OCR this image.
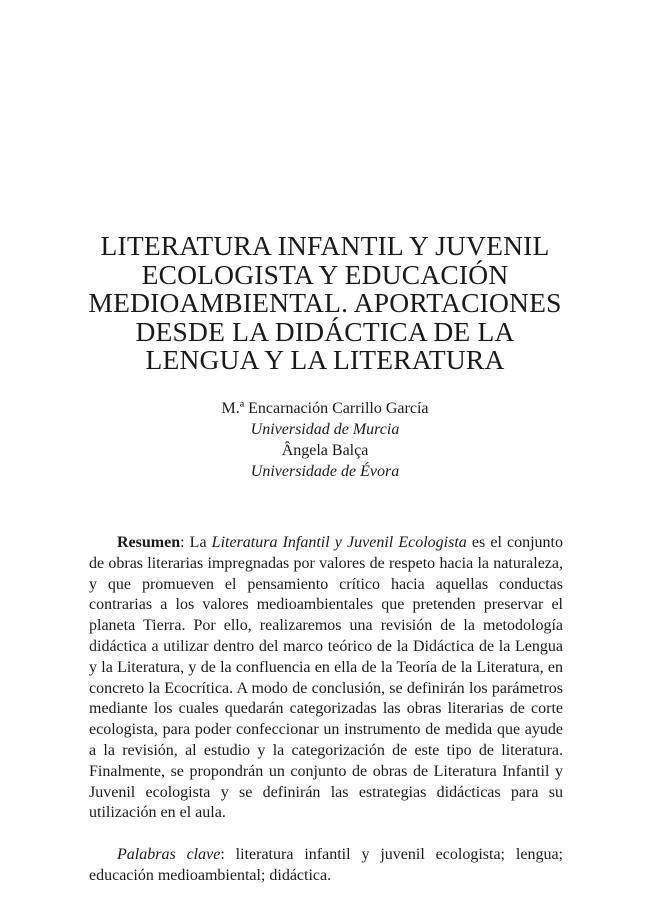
LITERATURA INFANTIL Y JUVENIL
ECOLOGISTA Y EDUCACIÓN
MEDIOAMBIENTAL. APORTACIONES
DESDE LA DIDÁCTICA DE LA
LENGUA Y LA LITERATURA
M.ª Encarnación Carrillo García
Universidad de Murcia
Ângela Balça
Universidade de Évora

Resumen: La Literatura Infantil y Juvenil Ecologista es el conjunto de obras literarias impregnadas por valores de respeto hacia la naturaleza, y que promueven el pensamiento crítico hacia aquellas conductas contrarias a los valores medioambientales que pretenden preservar el planeta Tierra. Por ello, realizaremos una revisión de la metodología didáctica a utilizar dentro del marco teórico de la Didáctica de la Lengua y la Literatura, y de la confluencia en ella de la Teoría de la Literatura, en concreto la Ecocrítica. A modo de conclusión, se definirán los parámetros mediante los cuales quedarán categorizadas las obras literarias de corte ecologista, para poder confeccionar un instrumento de medida que ayude a la revisión, al estudio y la categorización de este tipo de literatura. Finalmente, se propondrán un conjunto de obras de Literatura Infantil y Juvenil ecologista y se definirán las estrategias didácticas para su utilización en el aula.

Palabras clave: literatura infantil y juvenil ecologista; lengua; educación medioambiental; didáctica.
